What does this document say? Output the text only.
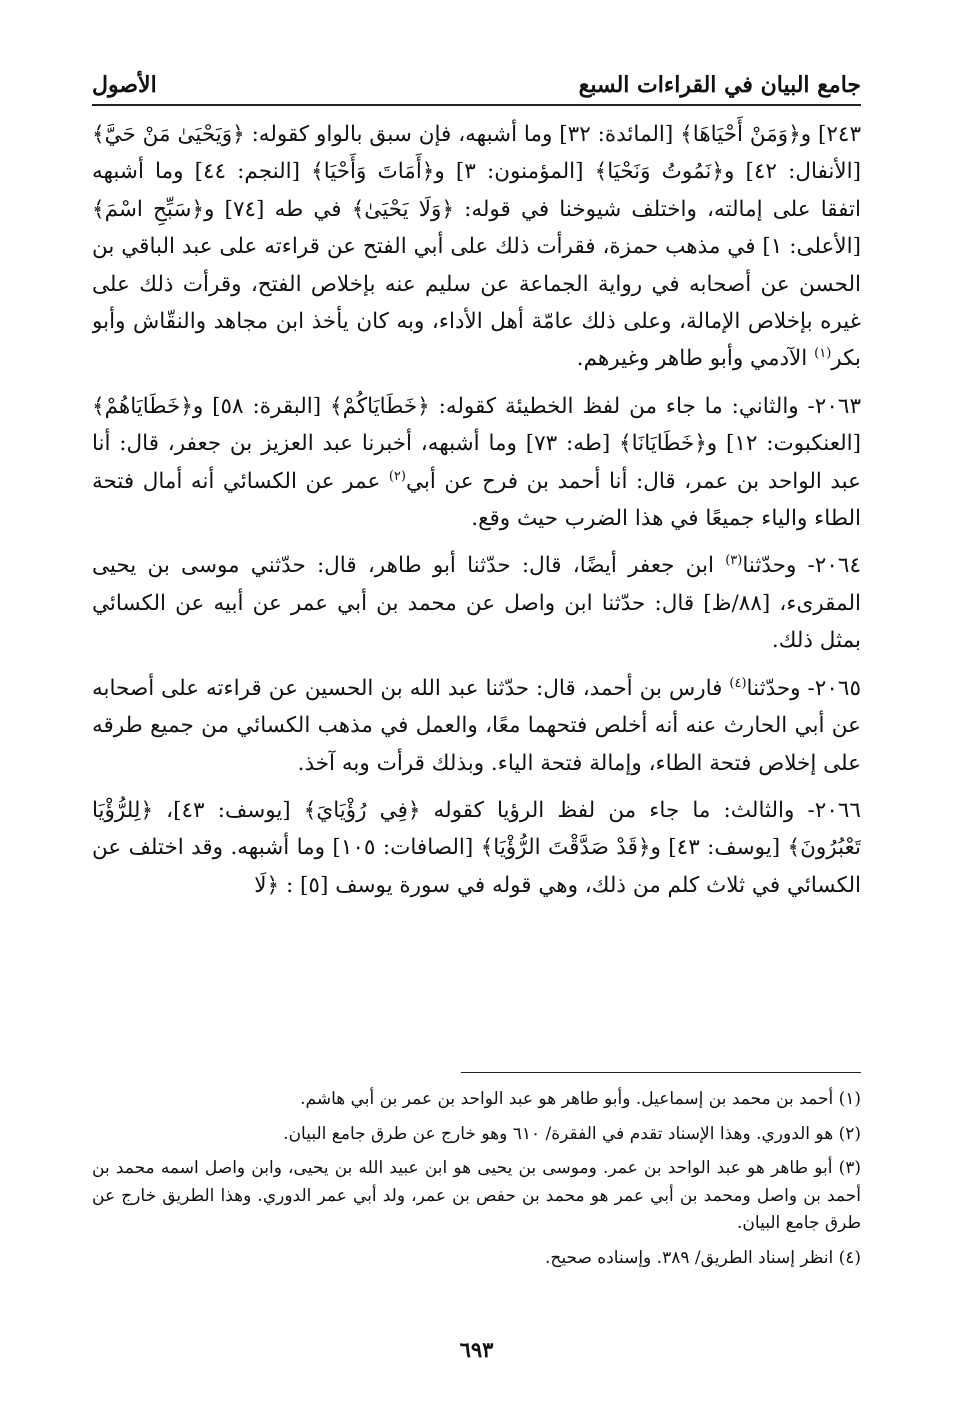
جامع البيان في القراءات السبع
الأصول

٢٤٣] و﴿وَمَنْ أَحْيَاهَا﴾ [المائدة: ٣٢] وما أشبهه، فإن سبق بالواو كقوله: ﴿وَيَحْيَىٰ مَنْ حَيَّ﴾ [الأنفال: ٤٢] و﴿نَمُوتُ وَنَحْيَا﴾ [المؤمنون: ٣] و﴿أَمَاتَ وَأَحْيَا﴾ [النجم: ٤٤] وما أشبهه اتفقا على إمالته، واختلف شيوخنا في قوله: ﴿وَلَا يَحْيَىٰ﴾ في طه [٧٤] و﴿سَبِّحِ اسْمَ﴾ [الأعلى: ١] في مذهب حمزة، فقرأت ذلك على أبي الفتح عن قراءته على عبد الباقي بن الحسن عن أصحابه في رواية الجماعة عن سليم عنه بإخلاص الفتح، وقرأت ذلك على غيره بإخلاص الإمالة، وعلى ذلك عامّة أهل الأداء، وبه كان يأخذ ابن مجاهد والنقّاش وأبو بكر$^{(١)}$ الآدمي وأبو طاهر وغيرهم.

٢٠٦٣- والثاني: ما جاء من لفظ الخطيئة كقوله: ﴿خَطَايَاكُمْ﴾ [البقرة: ٥٨] و﴿خَطَايَاهُمْ﴾ [العنكبوت: ١٢] و﴿خَطَايَانَا﴾ [طه: ٧٣] وما أشبهه، أخبرنا عبد العزيز بن جعفر، قال: أنا عبد الواحد بن عمر، قال: أنا أحمد بن فرح عن أبي$^{(٢)}$ عمر عن الكسائي أنه أمال فتحة الطاء والياء جميعًا في هذا الضرب حيث وقع.

٢٠٦٤- وحدّثنا$^{(٣)}$ ابن جعفر أيضًا، قال: حدّثنا أبو طاهر، قال: حدّثني موسى بن يحيى المقرىء، [٨٨/ظ] قال: حدّثنا ابن واصل عن محمد بن أبي عمر عن أبيه عن الكسائي بمثل ذلك.

٢٠٦٥- وحدّثنا$^{(٤)}$ فارس بن أحمد، قال: حدّثنا عبد الله بن الحسين عن قراءته على أصحابه عن أبي الحارث عنه أنه أخلص فتحهما معًا، والعمل في مذهب الكسائي من جميع طرقه على إخلاص فتحة الطاء، وإمالة فتحة الياء. وبذلك قرأت وبه آخذ.

٢٠٦٦- والثالث: ما جاء من لفظ الرؤيا كقوله ﴿فِي رُؤْيَايَ﴾ [يوسف: ٤٣]، ﴿لِلرُّؤْيَا تَعْبُرُونَ﴾ [يوسف: ٤٣] و﴿قَدْ صَدَّقْتَ الرُّؤْيَا﴾ [الصافات: ١٠٥] وما أشبهه. وقد اختلف عن الكسائي في ثلاث كلم من ذلك، وهي قوله في سورة يوسف [٥] : ﴿لَا

(١) أحمد بن محمد بن إسماعيل. وأبو طاهر هو عبد الواحد بن عمر بن أبي هاشم.

(٢) هو الدوري. وهذا الإسناد تقدم في الفقرة/ ٦١٠ وهو خارج عن طرق جامع البيان.

(٣) أبو طاهر هو عبد الواحد بن عمر. وموسى بن يحيى هو ابن عبيد الله بن يحيى، وابن واصل اسمه محمد بن أحمد بن واصل ومحمد بن أبي عمر هو محمد بن حفص بن عمر، ولد أبي عمر الدوري. وهذا الطريق خارج عن طرق جامع البيان.

(٤) انظر إسناد الطريق/ ٣٨٩. وإسناده صحيح.

٦٩٣
